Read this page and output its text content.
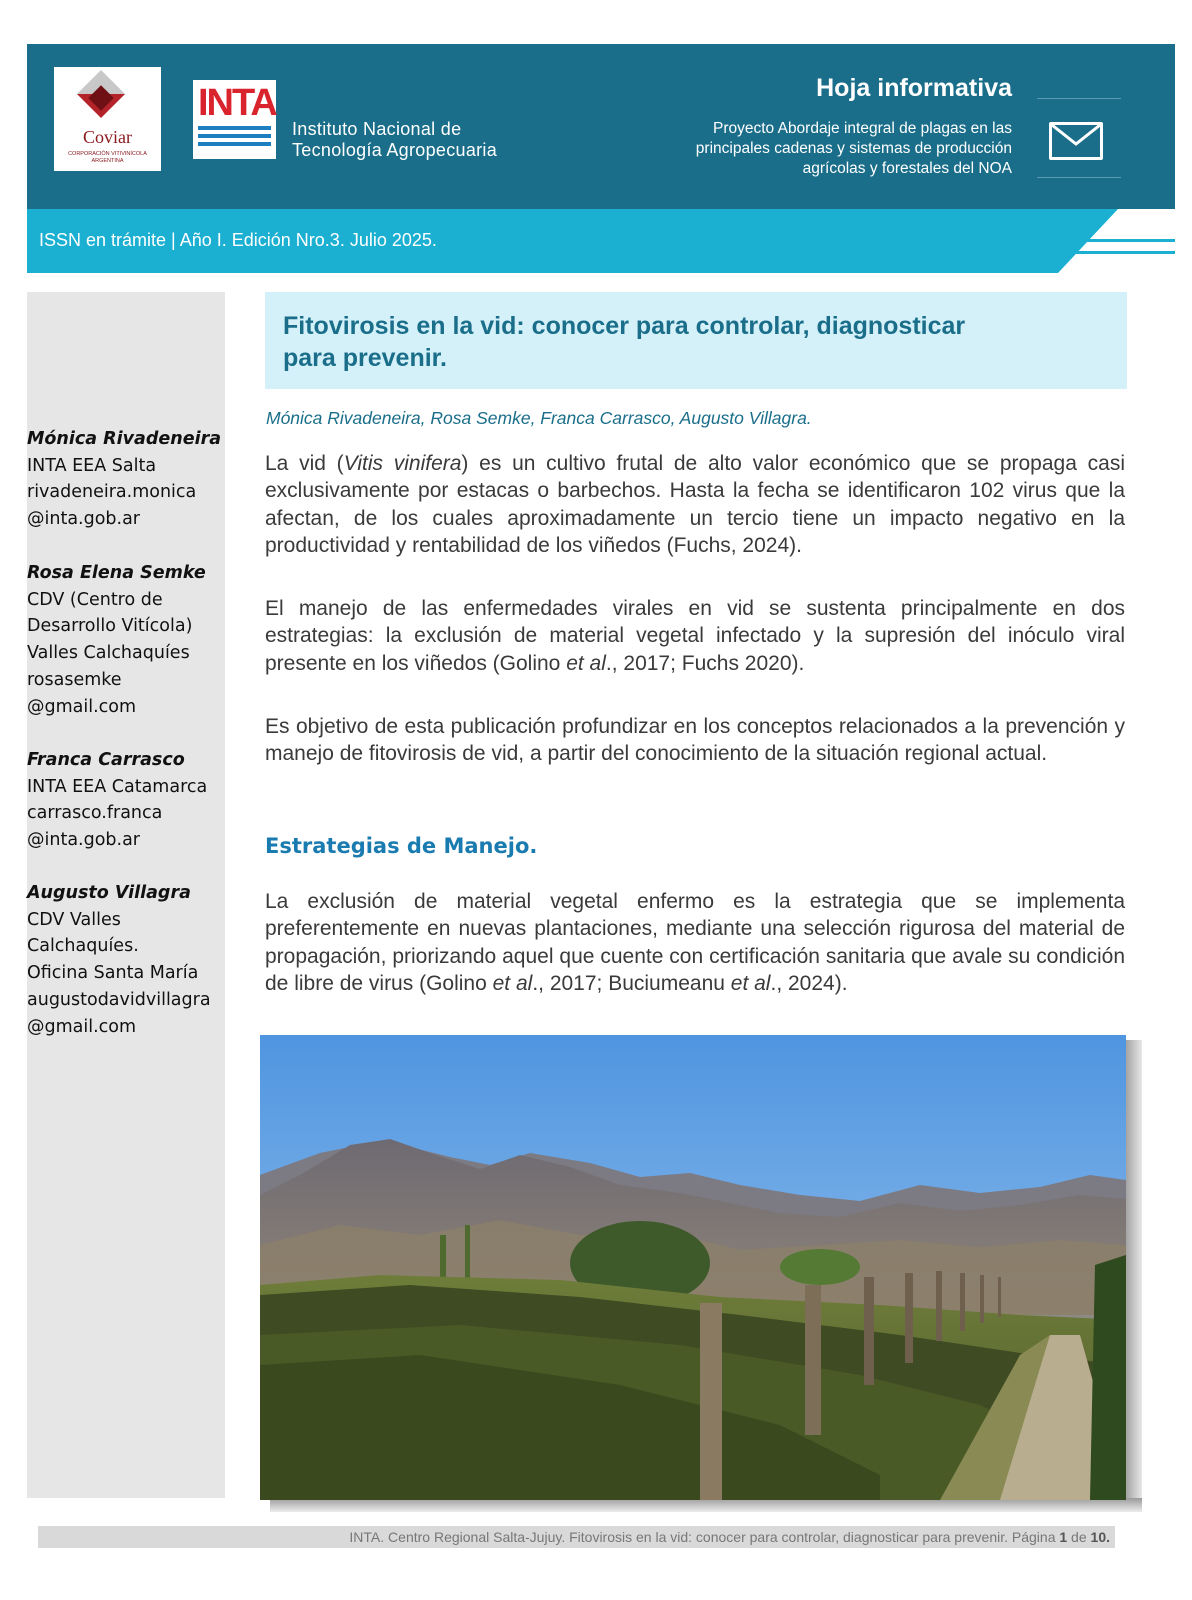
Coviar
CORPORACIÓN VITIVINÍCOLA ARGENTINA
INTA
Instituto Nacional de
Tecnología Agropecuaria
Hoja informativa
Proyecto Abordaje integral de plagas en las
principales cadenas y sistemas de producción
agrícolas y forestales del NOA
ISSN en trámite | Año I. Edición Nro.3. Julio 2025.
Mónica Rivadeneira
INTA EEA Salta
rivadeneira.monica
@inta.gob.ar
Rosa Elena Semke
CDV (Centro de
Desarrollo Vitícola)
Valles Calchaquíes
rosasemke
@gmail.com
Franca Carrasco
INTA EEA Catamarca
carrasco.franca
@inta.gob.ar
Augusto Villagra
CDV Valles
Calchaquíes.
Oficina Santa María
augustodavidvillagra
@gmail.com
Fitovirosis en la vid: conocer para controlar, diagnosticar
para prevenir.
Mónica Rivadeneira, Rosa Semke, Franca Carrasco, Augusto Villagra.
La vid (Vitis vinifera) es un cultivo frutal de alto valor económico que se propaga casi exclusivamente por estacas o barbechos. Hasta la fecha se identificaron 102 virus que la afectan, de los cuales aproximadamente un tercio tiene un impacto negativo en la productividad y rentabilidad de los viñedos (Fuchs, 2024).
El manejo de las enfermedades virales en vid se sustenta principalmente en dos estrategias: la exclusión de material vegetal infectado y la supresión del inóculo viral presente en los viñedos (Golino et al., 2017; Fuchs 2020).
Es objetivo de esta publicación profundizar en los conceptos relacionados a la prevención y manejo de fitovirosis de vid, a partir del conocimiento de la situación regional actual.
Estrategias de Manejo.
La exclusión de material vegetal enfermo es la estrategia que se implementa preferentemente en nuevas plantaciones, mediante una selección rigurosa del material de propagación, priorizando aquel que cuente con certificación sanitaria que avale su condición de libre de virus (Golino et al., 2017; Buciumeanu et al., 2024).
INTA. Centro Regional Salta-Jujuy. Fitovirosis en la vid: conocer para controlar, diagnosticar para prevenir. Página 1 de 10.
